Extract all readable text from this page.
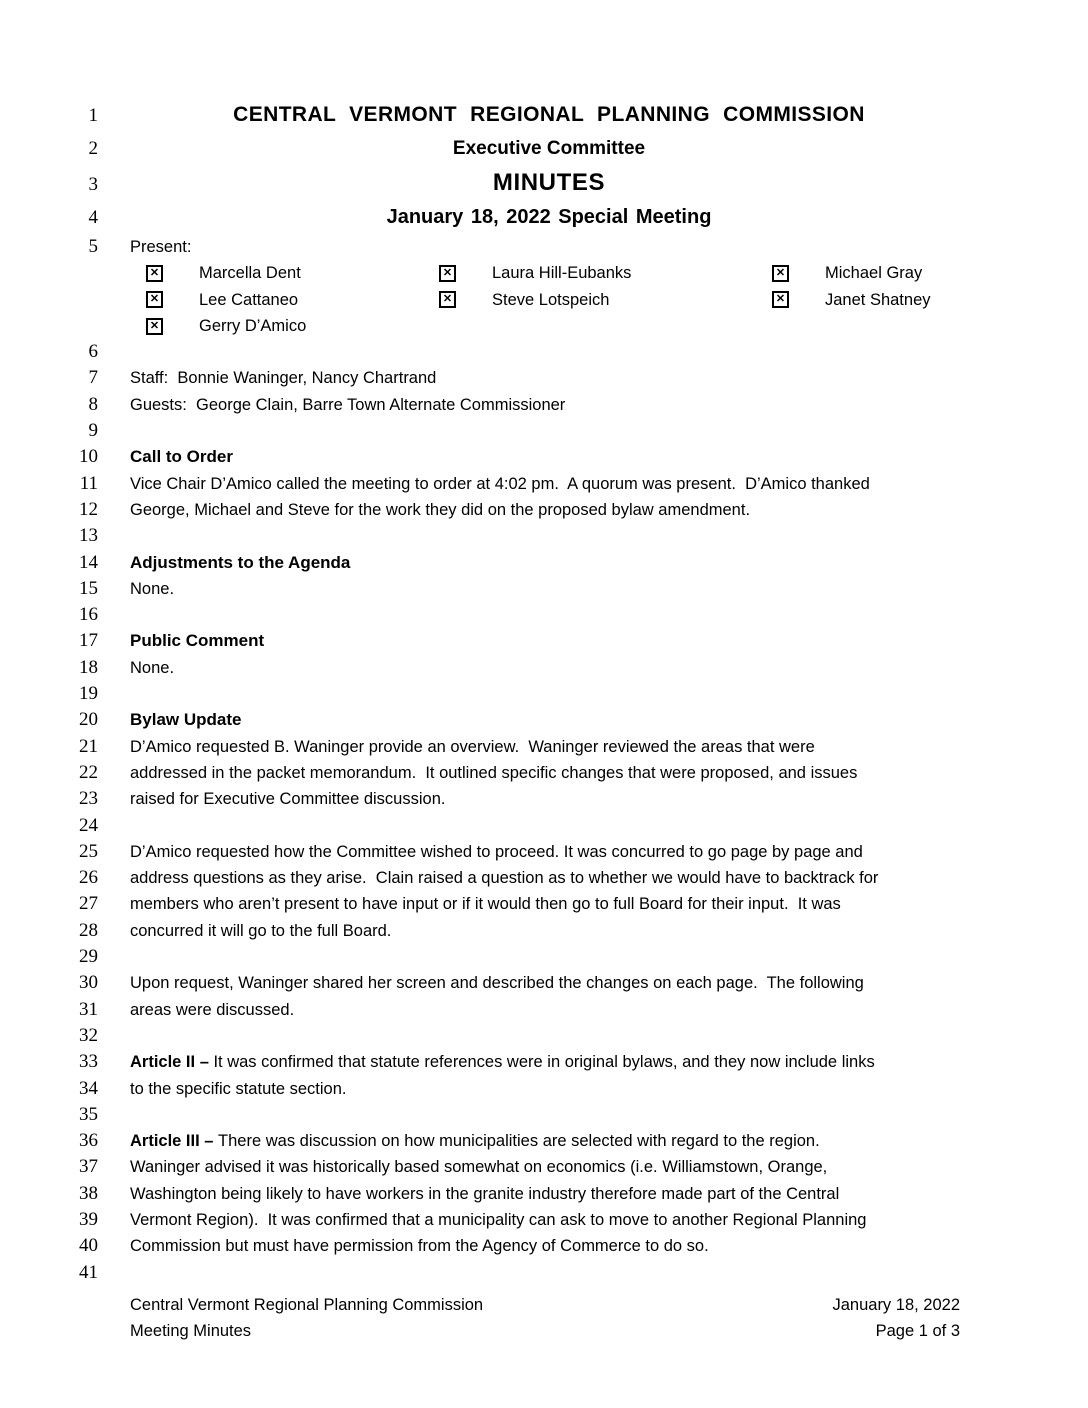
1	CENTRAL VERMONT REGIONAL PLANNING COMMISSION
2	Executive Committee
3	MINUTES
4	January 18, 2022 Special Meeting
5 Present:
✕ Marcella Dent	✕ Laura Hill-Eubanks	✕ Michael Gray
✕ Lee Cattaneo	✕ Steve Lotspeich	✕ Janet Shatney
✕ Gerry D’Amico
6
7 Staff:  Bonnie Waninger, Nancy Chartrand
8 Guests:  George Clain, Barre Town Alternate Commissioner
9
10 Call to Order
11 Vice Chair D’Amico called the meeting to order at 4:02 pm.  A quorum was present.  D’Amico thanked
12 George, Michael and Steve for the work they did on the proposed bylaw amendment.
13
14 Adjustments to the Agenda
15 None.
16
17 Public Comment
18 None.
19
20 Bylaw Update
21 D’Amico requested B. Waninger provide an overview.  Waninger reviewed the areas that were
22 addressed in the packet memorandum.  It outlined specific changes that were proposed, and issues
23 raised for Executive Committee discussion.
24
25 D’Amico requested how the Committee wished to proceed. It was concurred to go page by page and
26 address questions as they arise.  Clain raised a question as to whether we would have to backtrack for
27 members who aren’t present to have input or if it would then go to full Board for their input.  It was
28 concurred it will go to the full Board.
29
30 Upon request, Waninger shared her screen and described the changes on each page.  The following
31 areas were discussed.
32
33 Article II – It was confirmed that statute references were in original bylaws, and they now include links
34 to the specific statute section.
35
36 Article III – There was discussion on how municipalities are selected with regard to the region.
37 Waninger advised it was historically based somewhat on economics (i.e. Williamstown, Orange,
38 Washington being likely to have workers in the granite industry therefore made part of the Central
39 Vermont Region).  It was confirmed that a municipality can ask to move to another Regional Planning
40 Commission but must have permission from the Agency of Commerce to do so.
41
Central Vermont Regional Planning Commission
Meeting Minutes
January 18, 2022
Page 1 of 3
